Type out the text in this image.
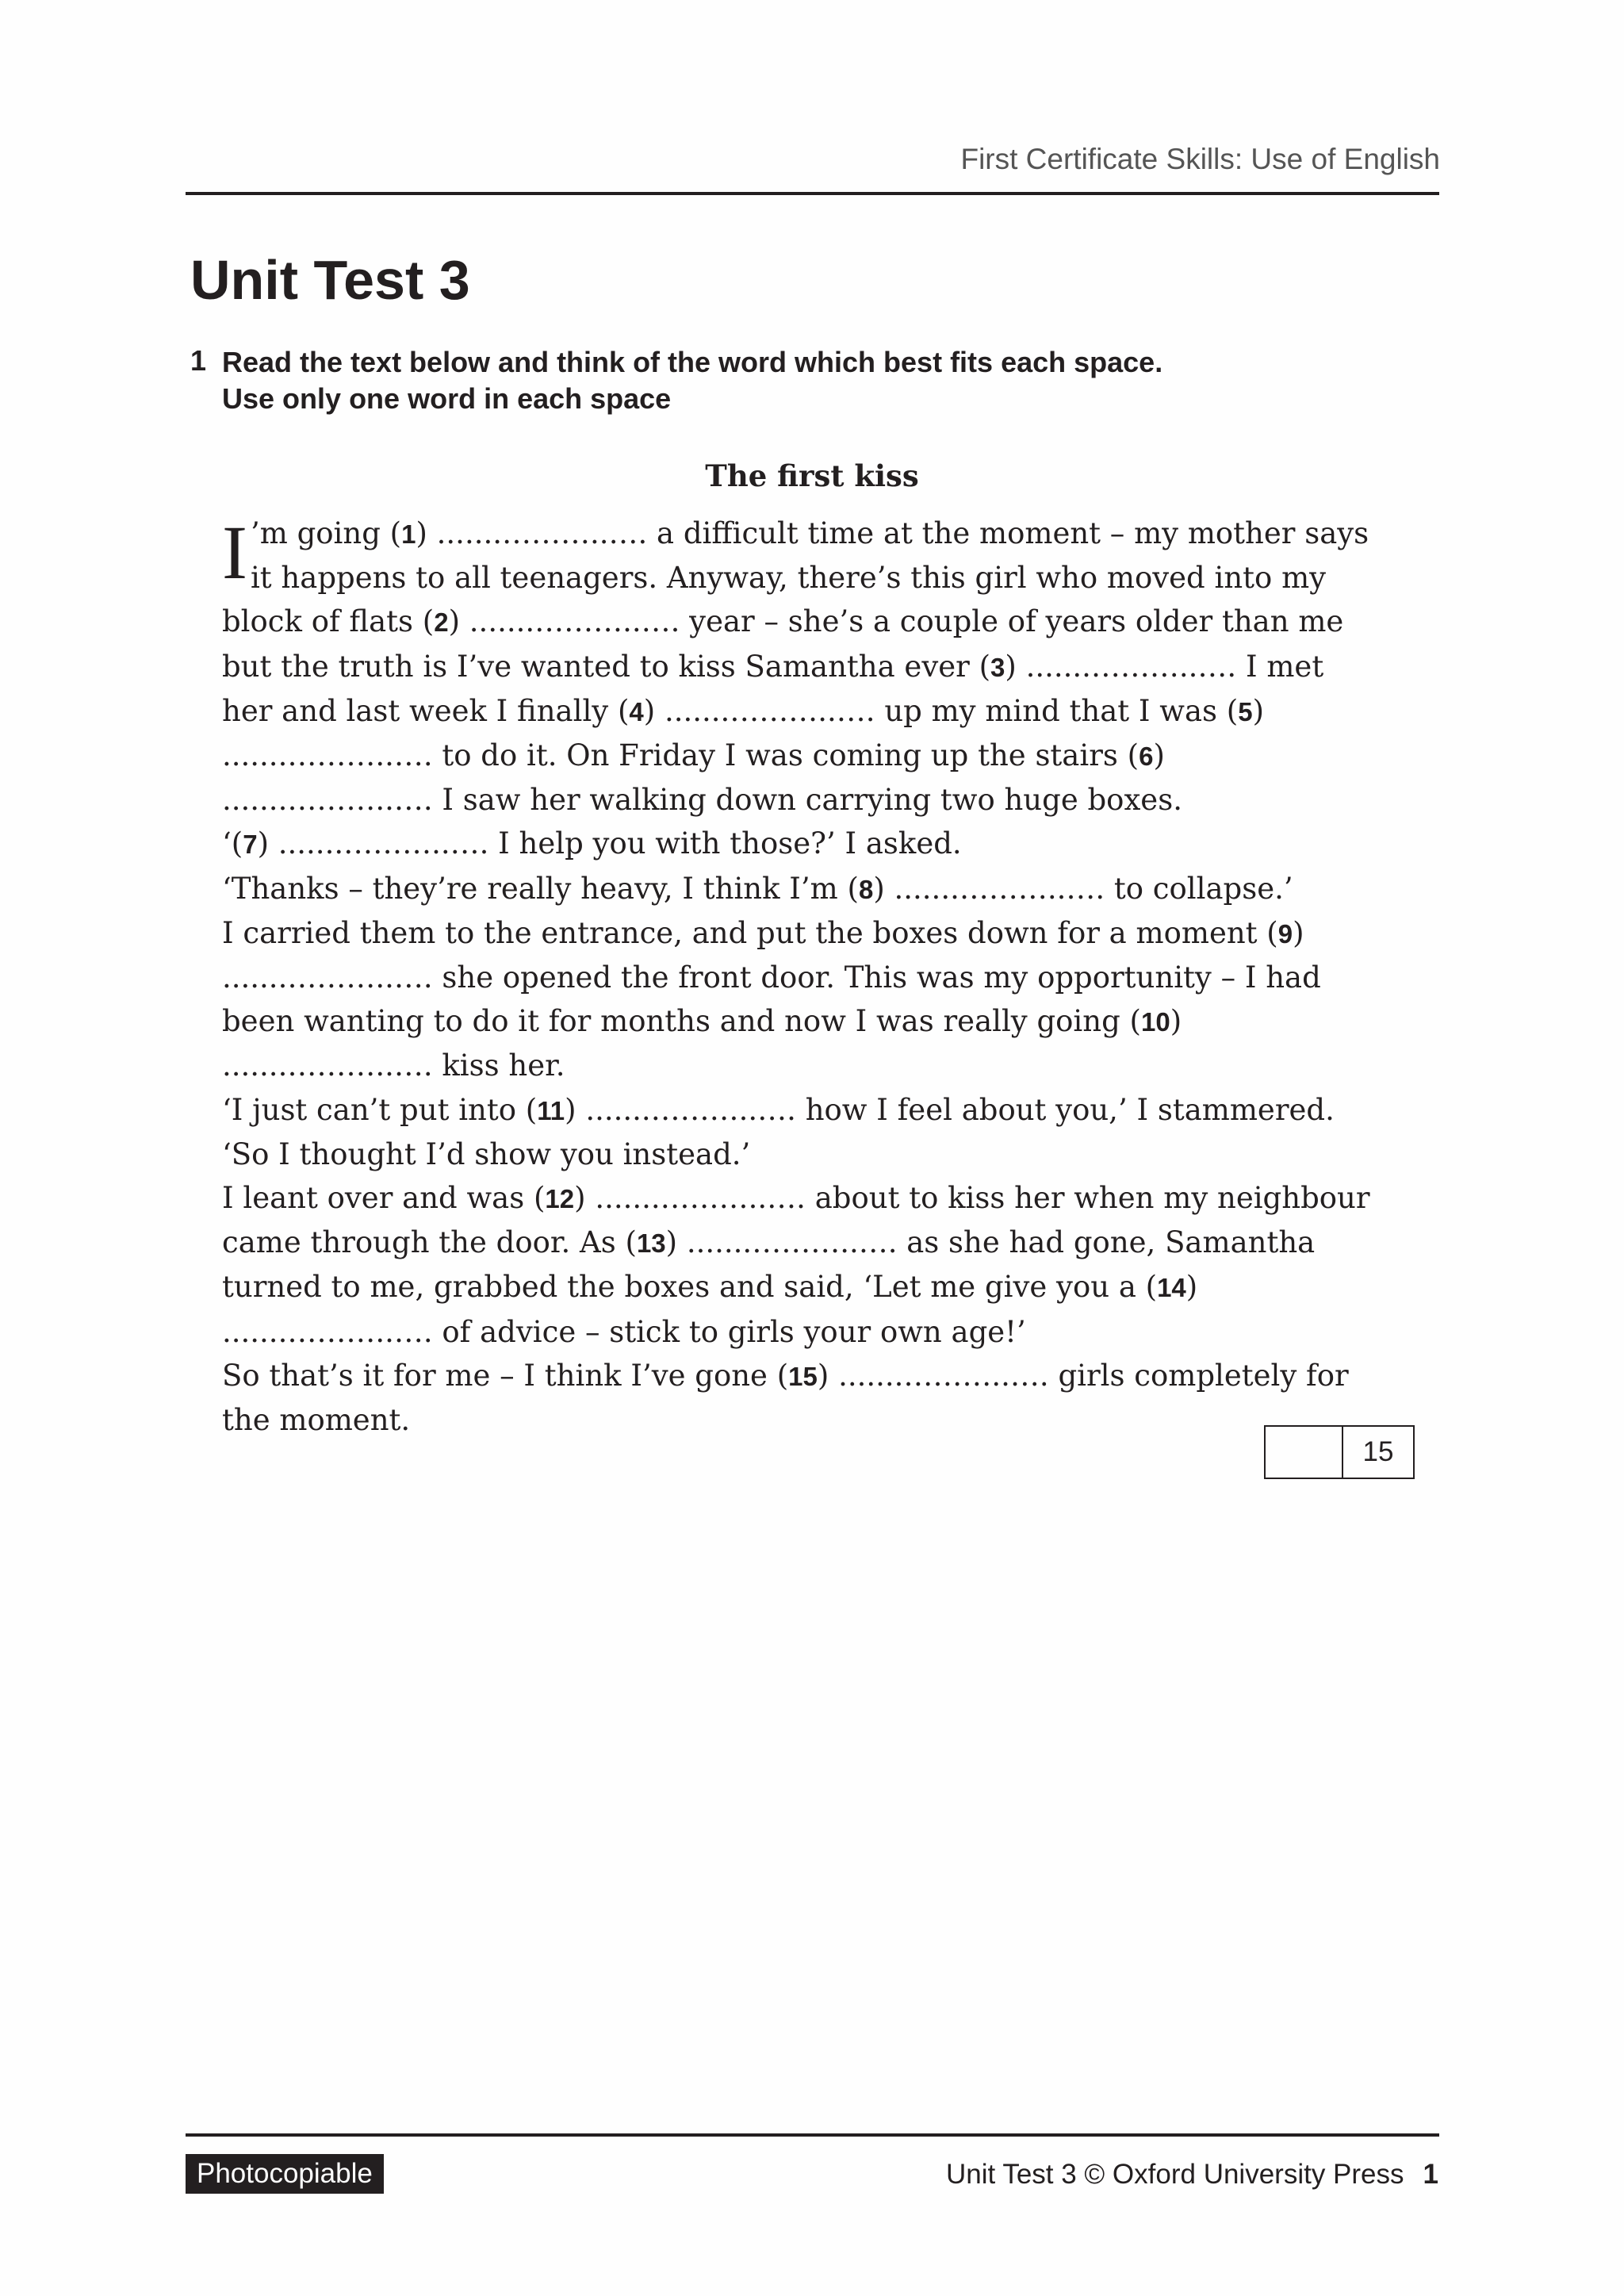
First Certificate Skills: Use of English
Unit Test 3
1 Read the text below and think of the word which best fits each space.
Use only one word in each space
The first kiss

I ’m going (1) .......………..…. a difficult time at the moment – my mother says it happens to all teenagers. Anyway, there’s this girl who moved into my block of flats (2) .......………..…. year – she’s a couple of years older than me but the truth is I’ve wanted to kiss Samantha ever (3) .......………..…. I met her and last week I finally (4) .......………..…. up my mind that I was (5) .......………..…. to do it. On Friday I was coming up the stairs (6) .......………..…. I saw her walking down carrying two huge boxes.

‘(7) .......………..…. I help you with those?’ I asked.

‘Thanks – they’re really heavy, I think I’m (8) .......………..…. to collapse.’

I carried them to the entrance, and put the boxes down for a moment (9) .......………..…. she opened the front door. This was my opportunity – I had been wanting to do it for months and now I was really going (10) .......………..…. kiss her.

‘I just can’t put into (11) .......………..…. how I feel about you,’ I stammered. ‘So I thought I’d show you instead.’

I leant over and was (12) .......………..…. about to kiss her when my neighbour came through the door. As (13) .......………..…. as she had gone, Samantha turned to me, grabbed the boxes and said, ‘Let me give you a (14) .......………..…. of advice – stick to girls your own age!’

So that’s it for me – I think I’ve gone (15) .......………..…. girls completely for the moment.

15
Photocopiable	Unit Test 3 © Oxford University Press 1
